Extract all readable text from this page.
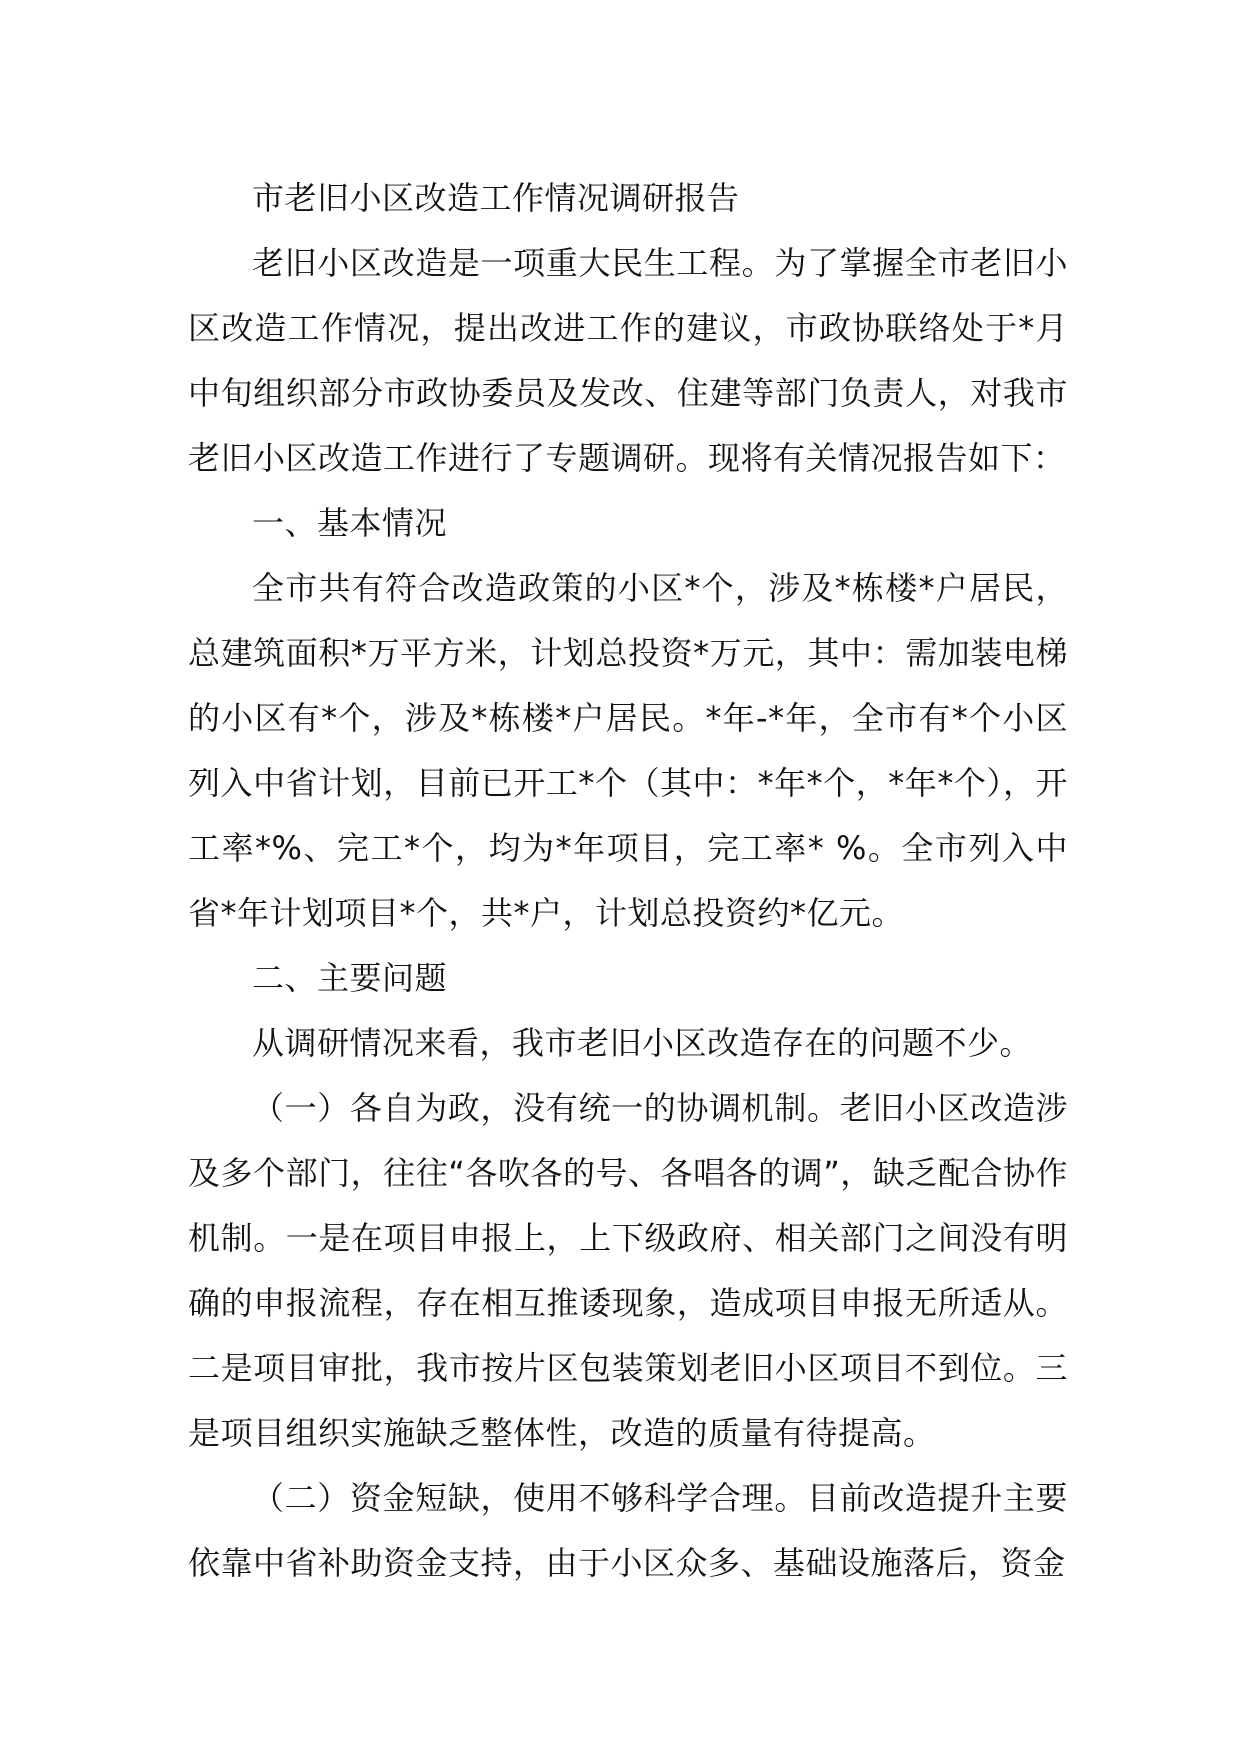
市老旧小区改造工作情况调研报告

老旧小区改造是一项重大民生工程。为了掌握全市老旧小区改造工作情况，提出改进工作的建议，市政协联络处于*月中旬组织部分市政协委员及发改、住建等部门负责人，对我市老旧小区改造工作进行了专题调研。现将有关情况报告如下：

一、基本情况

全市共有符合改造政策的小区*个，涉及*栋楼*户居民，总建筑面积*万平方米，计划总投资*万元，其中：需加装电梯的小区有*个，涉及*栋楼*户居民。*年-*年，全市有*个小区列入中省计划，目前已开工*个（其中：*年*个，*年*个），开工率*%、完工*个，均为*年项目，完工率* %。全市列入中省*年计划项目*个，共*户，计划总投资约*亿元。

二、主要问题

从调研情况来看，我市老旧小区改造存在的问题不少。

（一）各自为政，没有统一的协调机制。老旧小区改造涉及多个部门，往往“各吹各的号、各唱各的调”，缺乏配合协作机制。一是在项目申报上，上下级政府、相关部门之间没有明确的申报流程，存在相互推诿现象，造成项目申报无所适从。二是项目审批，我市按片区包装策划老旧小区项目不到位。三是项目组织实施缺乏整体性，改造的质量有待提高。

（二）资金短缺，使用不够科学合理。目前改造提升主要依靠中省补助资金支持，由于小区众多、基础设施落后，资金
